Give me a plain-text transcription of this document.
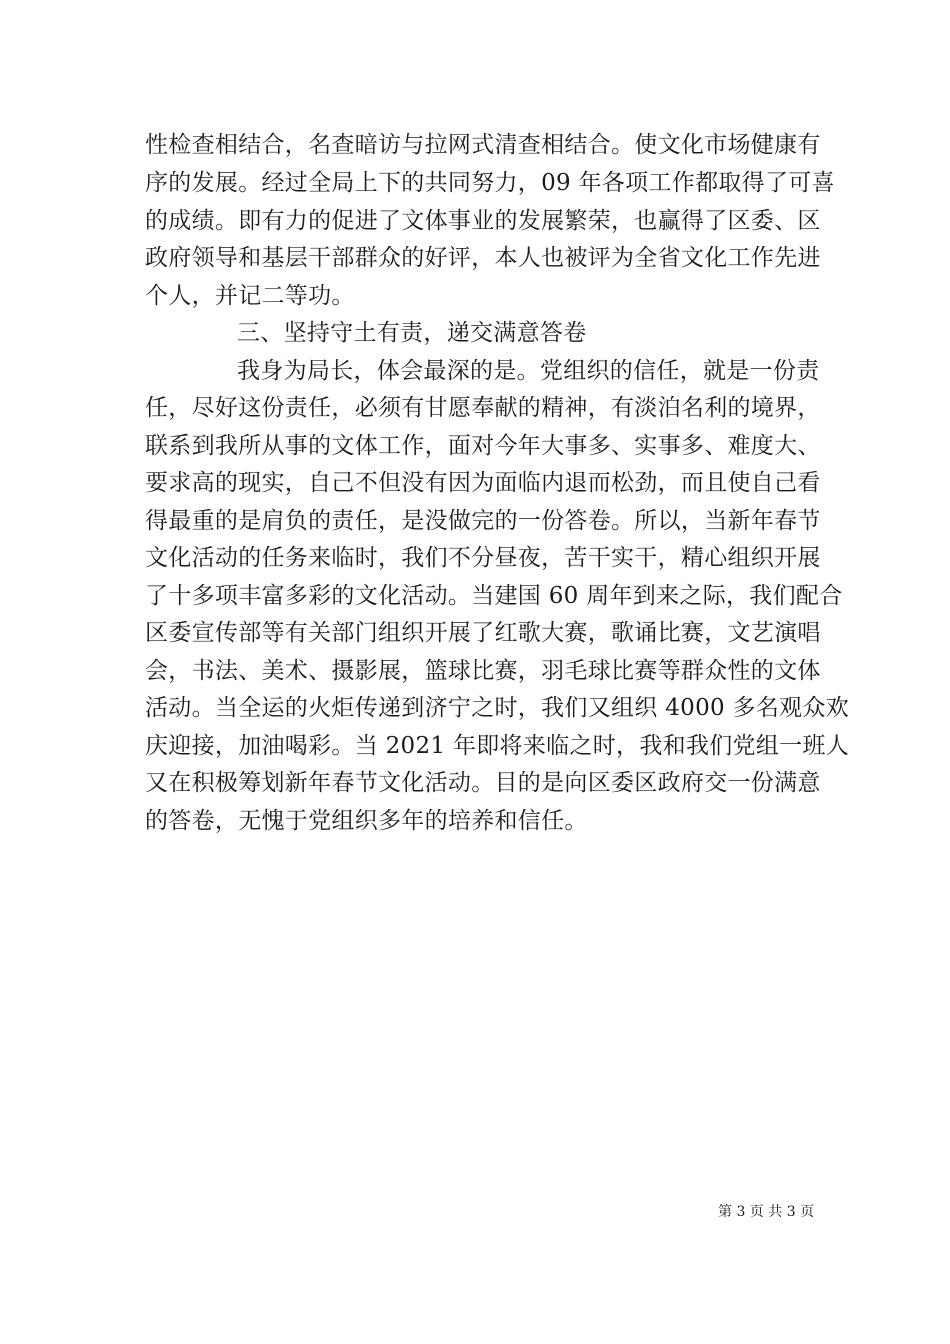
性检查相结合，名查暗访与拉网式清查相结合。使文化市场健康有
序的发展。经过全局上下的共同努力，09 年各项工作都取得了可喜
的成绩。即有力的促进了文体事业的发展繁荣，也赢得了区委、区
政府领导和基层干部群众的好评，本人也被评为全省文化工作先进
个人，并记二等功。
三、坚持守土有责，递交满意答卷
我身为局长，体会最深的是。党组织的信任，就是一份责
任，尽好这份责任，必须有甘愿奉献的精神，有淡泊名利的境界，
联系到我所从事的文体工作，面对今年大事多、实事多、难度大、
要求高的现实，自己不但没有因为面临内退而松劲，而且使自己看
得最重的是肩负的责任，是没做完的一份答卷。所以，当新年春节
文化活动的任务来临时，我们不分昼夜，苦干实干，精心组织开展
了十多项丰富多彩的文化活动。当建国 60 周年到来之际，我们配合
区委宣传部等有关部门组织开展了红歌大赛，歌诵比赛，文艺演唱
会，书法、美术、摄影展，篮球比赛，羽毛球比赛等群众性的文体
活动。当全运的火炬传递到济宁之时，我们又组织 4000 多名观众欢
庆迎接，加油喝彩。当 2021 年即将来临之时，我和我们党组一班人
又在积极筹划新年春节文化活动。目的是向区委区政府交一份满意
的答卷，无愧于党组织多年的培养和信任。
第 3 页 共 3 页
